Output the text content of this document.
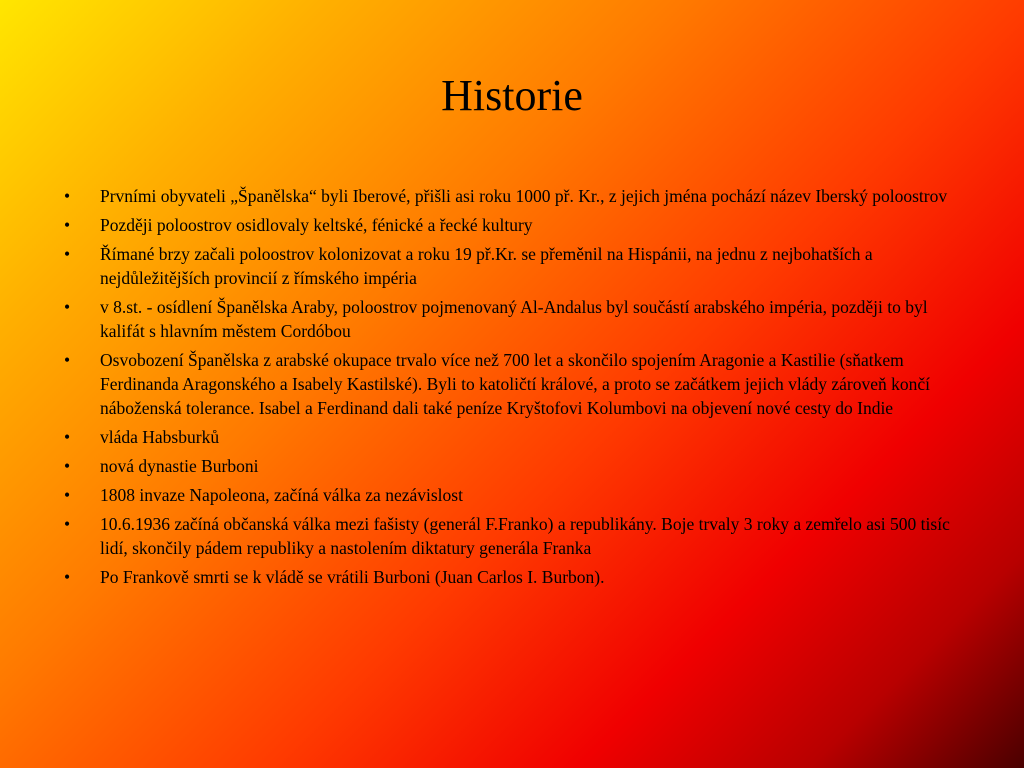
Historie
•	Prvními obyvateli „Španělska“ byli Iberové, přišli asi roku 1000 př. Kr., z jejich jména pochází název Iberský poloostrov
•	Později poloostrov osidlovaly keltské, fénické a řecké kultury
•	Římané brzy začali poloostrov kolonizovat a roku 19 př.Kr. se přeměnil na Hispánii, na jednu z nejbohatších a nejdůležitějších provincií z římského impéria
•	v 8.st. - osídlení Španělska Araby, poloostrov pojmenovaný Al-Andalus byl součástí arabského impéria, později to byl kalifát s hlavním městem Cordóbou
•	Osvobození Španělska z arabské okupace trvalo více než 700 let a skončilo spojením Aragonie a Kastilie (sňatkem Ferdinanda Aragonského a Isabely Kastilské). Byli to katoličtí králové, a proto se začátkem jejich vlády zároveň končí náboženská tolerance. Isabel a Ferdinand dali také peníze Kryštofovi Kolumbovi na objevení nové cesty do Indie
•	vláda Habsburků
•	nová dynastie Burboni
•	1808 invaze Napoleona, začíná válka za nezávislost
•	10.6.1936 začíná občanská válka mezi fašisty (generál F.Franko) a republikány. Boje trvaly 3 roky a zemřelo asi 500 tisíc lidí, skončily pádem republiky a nastolením diktatury generála Franka
•	Po Frankově smrti se k vládě se vrátili Burboni (Juan Carlos I. Burbon).
